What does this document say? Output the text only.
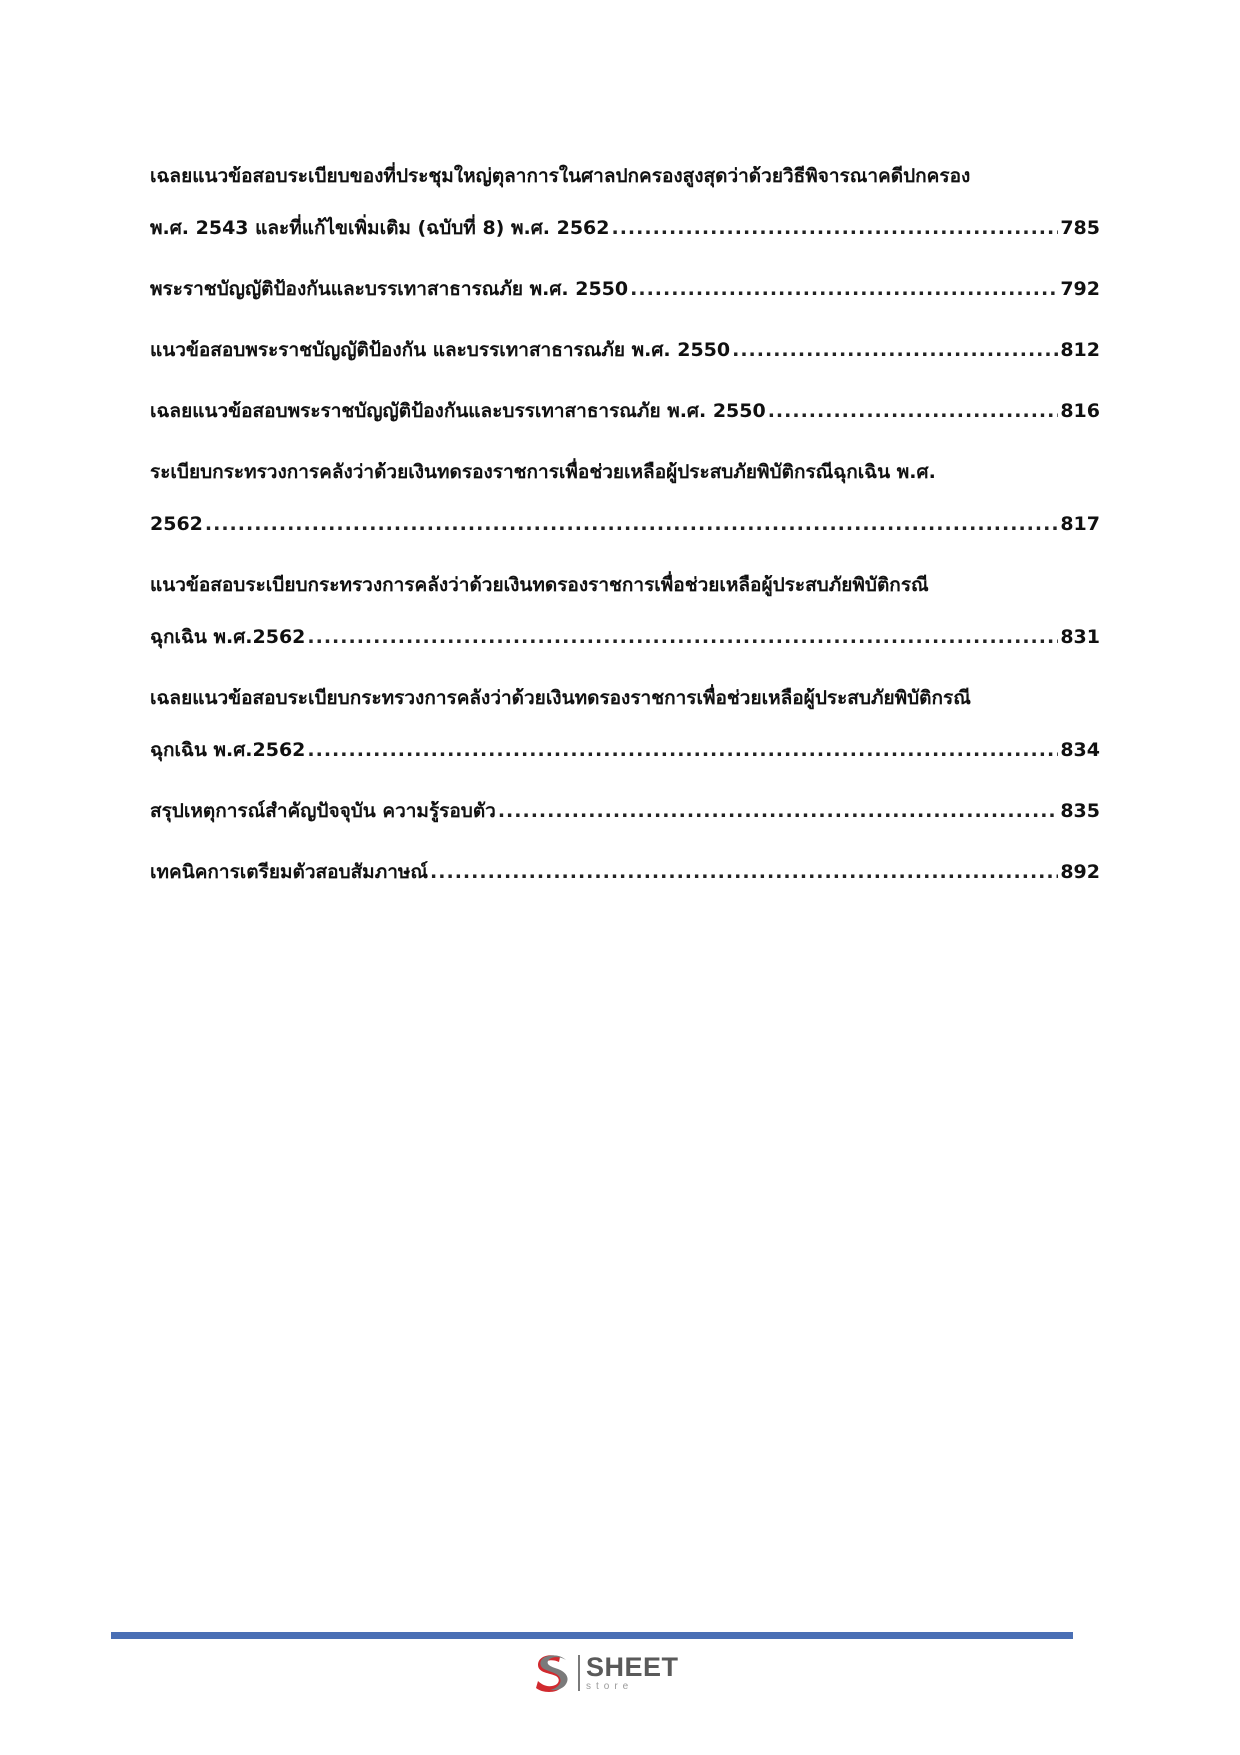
เฉลยแนวข้อสอบระเบียบของที่ประชุมใหญ่ตุลาการในศาลปกครองสูงสุดว่าด้วยวิธีพิจารณาคดีปกครอง
พ.ศ. 2543 และที่แก้ไขเพิ่มเติม (ฉบับที่ 8) พ.ศ. 2562 .....	785
พระราชบัญญัติป้องกันและบรรเทาสาธารณภัย พ.ศ. 2550 .....	792
แนวข้อสอบพระราชบัญญัติป้องกัน และบรรเทาสาธารณภัย พ.ศ. 2550 .....	812
เฉลยแนวข้อสอบพระราชบัญญัติป้องกันและบรรเทาสาธารณภัย พ.ศ. 2550 .....	816
ระเบียบกระทรวงการคลังว่าด้วยเงินทดรองราชการเพื่อช่วยเหลือผู้ประสบภัยพิบัติกรณีฉุกเฉิน พ.ศ.
2562 .....	817
แนวข้อสอบระเบียบกระทรวงการคลังว่าด้วยเงินทดรองราชการเพื่อช่วยเหลือผู้ประสบภัยพิบัติกรณี
ฉุกเฉิน พ.ศ.2562 .....	831
เฉลยแนวข้อสอบระเบียบกระทรวงการคลังว่าด้วยเงินทดรองราชการเพื่อช่วยเหลือผู้ประสบภัยพิบัติกรณี
ฉุกเฉิน พ.ศ.2562 .....	834
สรุปเหตุการณ์สำคัญปัจจุบัน ความรู้รอบตัว .....	835
เทคนิคการเตรียมตัวสอบสัมภาษณ์ .....	892
SHEET
store
